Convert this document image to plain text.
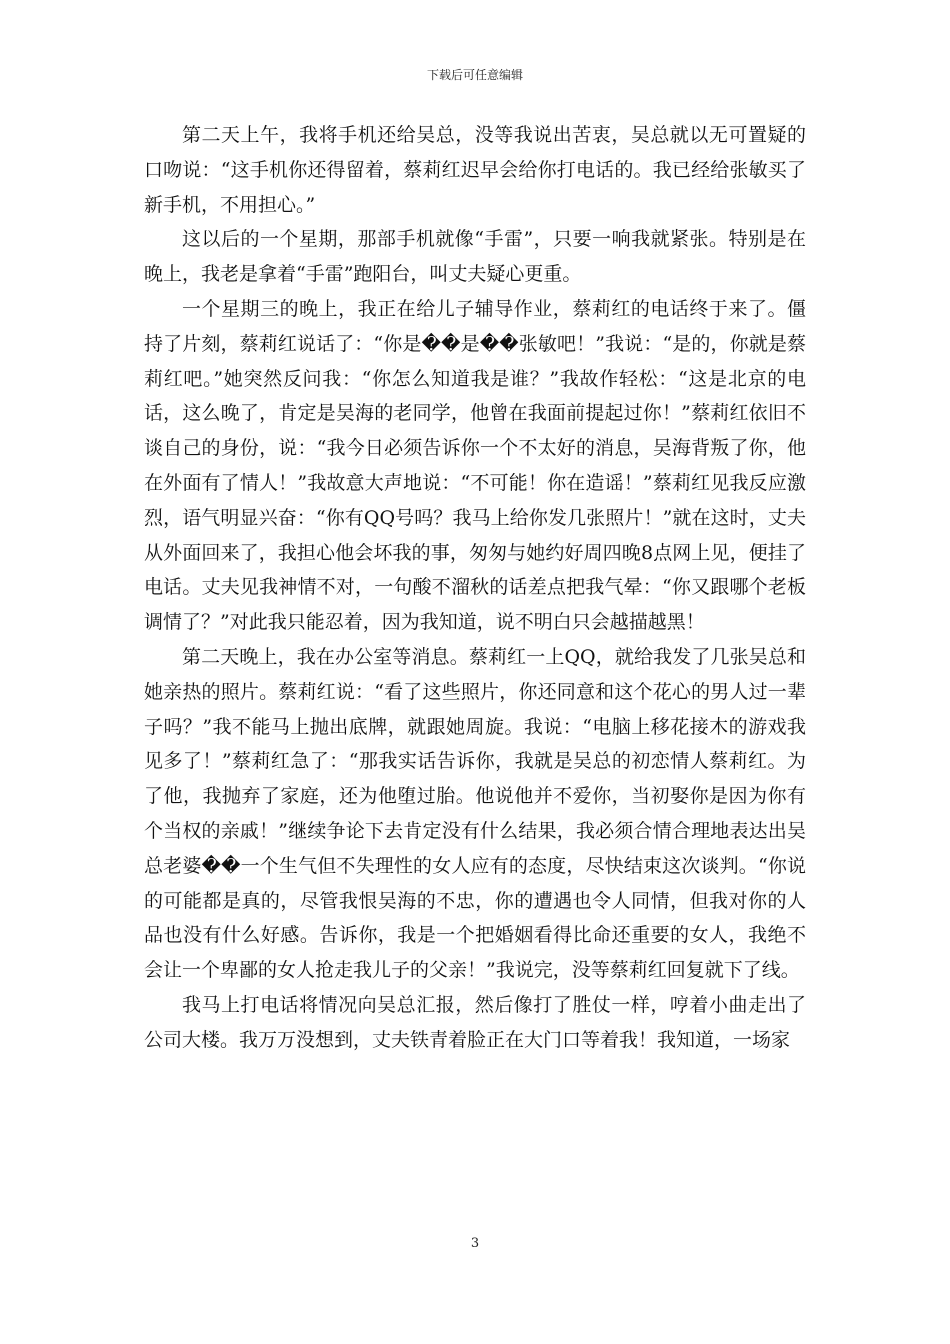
下载后可任意编辑

第二天上午，我将手机还给吴总，没等我说出苦衷，吴总就以无可置疑的口吻说：“这手机你还得留着，蔡莉红迟早会给你打电话的。我已经给张敏买了新手机，不用担心。”

这以后的一个星期，那部手机就像“手雷”，只要一响我就紧张。特别是在晚上，我老是拿着“手雷”跑阳台，叫丈夫疑心更重。

一个星期三的晚上，我正在给儿子辅导作业，蔡莉红的电话终于来了。僵持了片刻，蔡莉红说话了：“你是��是��张敏吧！”我说：“是的，你就是蔡莉红吧。”她突然反问我：“你怎么知道我是谁？”我故作轻松：“这是北京的电话，这么晚了，肯定是吴海的老同学，他曾在我面前提起过你！”蔡莉红依旧不谈自己的身份，说：“我今日必须告诉你一个不太好的消息，吴海背叛了你，他在外面有了情人！”我故意大声地说：“不可能！你在造谣！”蔡莉红见我反应激烈，语气明显兴奋：“你有QQ号吗？我马上给你发几张照片！”就在这时，丈夫从外面回来了，我担心他会坏我的事，匆匆与她约好周四晚8点网上见，便挂了电话。丈夫见我神情不对，一句酸不溜秋的话差点把我气晕：“你又跟哪个老板调情了？”对此我只能忍着，因为我知道，说不明白只会越描越黑！

第二天晚上，我在办公室等消息。蔡莉红一上QQ，就给我发了几张吴总和她亲热的照片。蔡莉红说：“看了这些照片，你还同意和这个花心的男人过一辈子吗？”我不能马上抛出底牌，就跟她周旋。我说：“电脑上移花接木的游戏我见多了！”蔡莉红急了：“那我实话告诉你，我就是吴总的初恋情人蔡莉红。为了他，我抛弃了家庭，还为他堕过胎。他说他并不爱你，当初娶你是因为你有个当权的亲戚！”继续争论下去肯定没有什么结果，我必须合情合理地表达出吴总老婆��一个生气但不失理性的女人应有的态度，尽快结束这次谈判。“你说的可能都是真的，尽管我恨吴海的不忠，你的遭遇也令人同情，但我对你的人品也没有什么好感。告诉你，我是一个把婚姻看得比命还重要的女人，我绝不会让一个卑鄙的女人抢走我儿子的父亲！”我说完，没等蔡莉红回复就下了线。

我马上打电话将情况向吴总汇报，然后像打了胜仗一样，哼着小曲走出了公司大楼。我万万没想到，丈夫铁青着脸正在大门口等着我！我知道，一场家

3
